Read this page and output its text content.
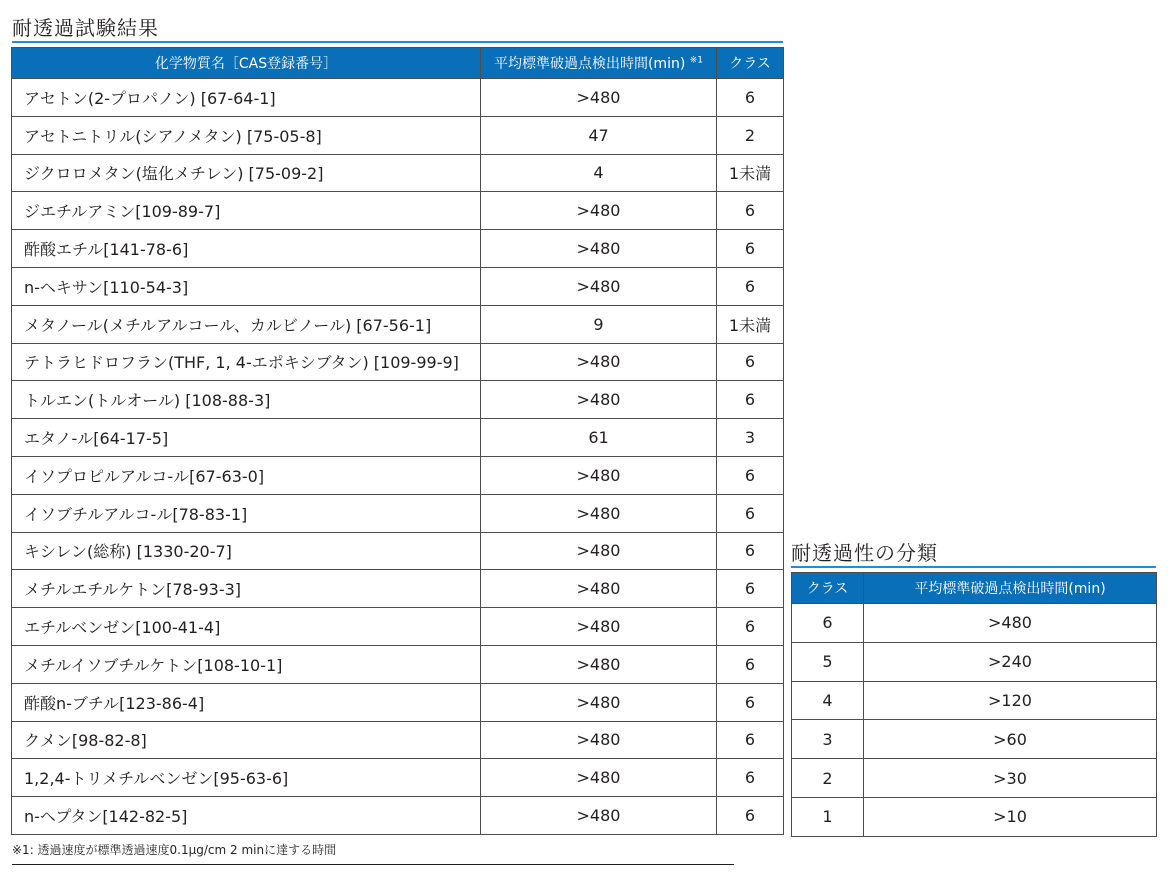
耐透過試験結果
化学物質名［CAS登録番号］	平均標準破過点検出時間(min) $^{※1}$	クラス
アセトン(2-プロパノン) [67-64-1]	>480	6
アセトニトリル(シアノメタン) [75-05-8]	47	2
ジクロロメタン(塩化メチレン) [75-09-2]	4	1未満
ジエチルアミン[109-89-7]	>480	6
酢酸エチル[141-78-6]	>480	6
n-ヘキサン[110-54-3]	>480	6
メタノール(メチルアルコール、カルビノール) [67-56-1]	9	1未満
テトラヒドロフラン(THF, 1, 4-エポキシブタン) [109-99-9]	>480	6
トルエン(トルオール) [108-88-3]	>480	6
エタノ-ル[64-17-5]	61	3
イソプロピルアルコ-ル[67-63-0]	>480	6
イソブチルアルコ-ル[78-83-1]	>480	6
キシレン(総称) [1330-20-7]	>480	6
メチルエチルケトン[78-93-3]	>480	6
エチルベンゼン[100-41-4]	>480	6
メチルイソブチルケトン[108-10-1]	>480	6
酢酸n-ブチル[123-86-4]	>480	6
クメン[98-82-8]	>480	6
1,2,4-トリメチルベンゼン[95-63-6]	>480	6
n-ヘプタン[142-82-5]	>480	6
※1: 透過速度が標準透過速度0.1μg/cm 2 minに達する時間
耐透過性の分類
クラス	平均標準破過点検出時間(min)
6	>480
5	>240
4	>120
3	>60
2	>30
1	>10
